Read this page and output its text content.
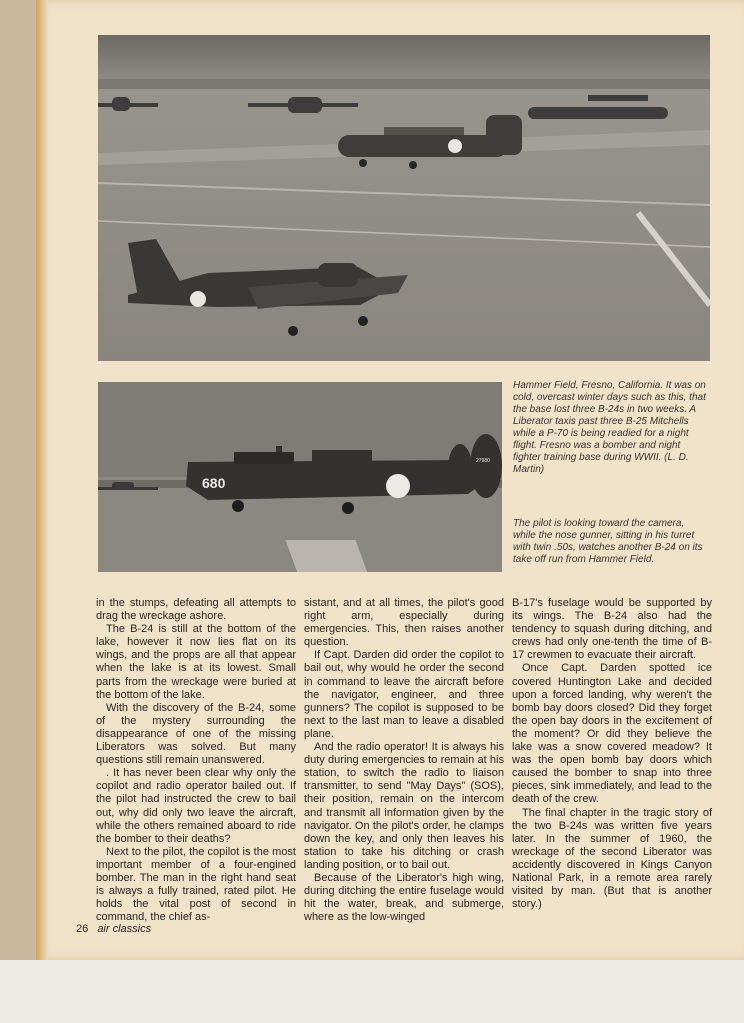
680
27980
Hammer Field, Fresno, California. It was on cold, overcast winter days such as this, that the base lost three B-24s in two weeks. A Liberator taxis past three B-25 Mitchells while a P-70 is being readied for a night flight. Fresno was a bomber and night fighter training base during WWII. (L. D. Martin)
The pilot is looking toward the camera, while the nose gunner, sitting in his turret with twin .50s, watches another B-24 on its take off run from Hammer Field.

in the stumps, defeating all attempts to drag the wreckage ashore.

The B-24 is still at the bottom of the lake, however it now lies flat on its wings, and the props are all that appear when the lake is at its lowest. Small parts from the wreckage were buried at the bottom of the lake.

With the discovery of the B-24, some of the mystery surrounding the disappearance of one of the missing Liberators was solved. But many questions still remain unanswered.

. It has never been clear why only the copilot and radio operator bailed out. If the pilot had instructed the crew to bail out, why did only two leave the aircraft, while the others remained aboard to ride the bomber to their deaths?

Next to the pilot, the copilot is the most important member of a four-engined bomber. The man in the right hand seat is always a fully trained, rated pilot. He holds the vital post of second in command, the chief as-

sistant, and at all times, the pilot's good right arm, especially during emergencies. This, then raises another question.

If Capt. Darden did order the copilot to bail out, why would he order the second in command to leave the aircraft before the navigator, engineer, and three gunners? The copilot is supposed to be next to the last man to leave a disabled plane.

And the radio operator! It is always his duty during emergencies to remain at his station, to switch the radio to liaison transmitter, to send "May Days" (SOS), their position, remain on the intercom and transmit all information given by the navigator. On the pilot's order, he clamps down the key, and only then leaves his station to take his ditching or crash landing position, or to bail out.

Because of the Liberator's high wing, during ditching the entire fuselage would hit the water, break, and submerge, where as the low-winged

B-17's fuselage would be supported by its wings. The B-24 also had the tendency to squash during ditching, and crews had only one-tenth the time of B-17 crewmen to evacuate their aircraft.

Once Capt. Darden spotted ice covered Huntington Lake and decided upon a forced landing, why weren't the bomb bay doors closed? Did they forget the open bay doors in the excitement of the moment? Or did they believe the lake was a snow covered meadow? It was the open bomb bay doors which caused the bomber to snap into three pieces, sink immediately, and lead to the death of the crew.

The final chapter in the tragic story of the two B-24s was written five years later. In the summer of 1960, the wreckage of the second Liberator was accidently discovered in Kings Canyon National Park, in a remote area rarely visited by man. (But that is another story.)

26 air classics
